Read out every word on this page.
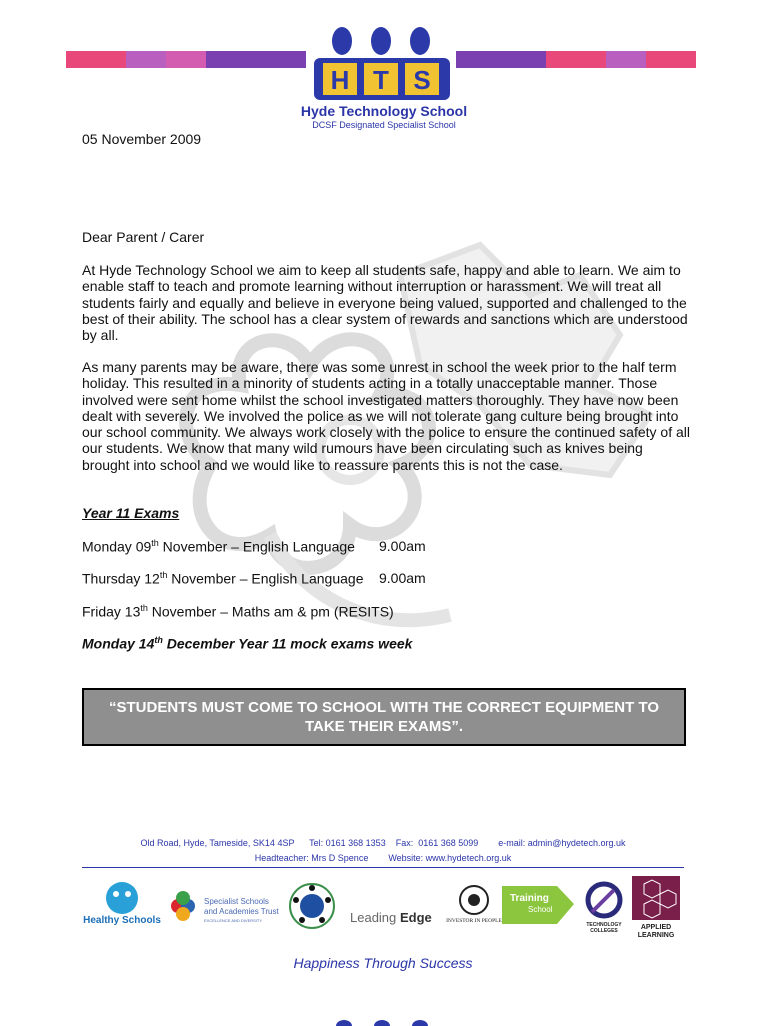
H T S
Hyde Technology School
DCSF Designated Specialist School
05 November 2009
Dear Parent / Carer
At Hyde Technology School we aim to keep all students safe, happy and able to learn. We aim to enable staff to teach and promote learning without interruption or harassment. We will treat all students fairly and equally and believe in everyone being valued, supported and challenged to the best of their ability. The school has a clear system of rewards and sanctions which are understood by all.
As many parents may be aware, there was some unrest in school the week prior to the half term holiday. This resulted in a minority of students acting in a totally unacceptable manner. Those involved were sent home whilst the school investigated matters thoroughly. They have now been dealt with severely. We involved the police as we will not tolerate gang culture being brought into our school community. We always work closely with the police to ensure the continued safety of all our students. We know that many wild rumours have been circulating such as knives being brought into school and we would like to reassure parents this is not the case.
Year 11 Exams
Monday 09th November – English Language 9.00am
Thursday 12th November – English Language 9.00am
Friday 13th November – Maths am & pm (RESITS)
Monday 14th December Year 11 mock exams week
“STUDENTS MUST COME TO SCHOOL WITH THE CORRECT EQUIPMENT TO TAKE THEIR EXAMS”.
Old Road, Hyde, Tameside, SK14 4SP      Tel: 0161 368 1353    Fax:  0161 368 5099        e-mail: admin@hydetech.org.uk
Headteacher: Mrs D Spence        Website: www.hydetech.org.uk
Healthy Schools
Specialist Schools
and Academies Trust
EXCELLENCE AND DIVERSITY	Leading Edge	INVESTOR IN PEOPLE
Training
School
TECHNOLOGY
COLLEGES	APPLIED
LEARNING
Happiness Through Success
